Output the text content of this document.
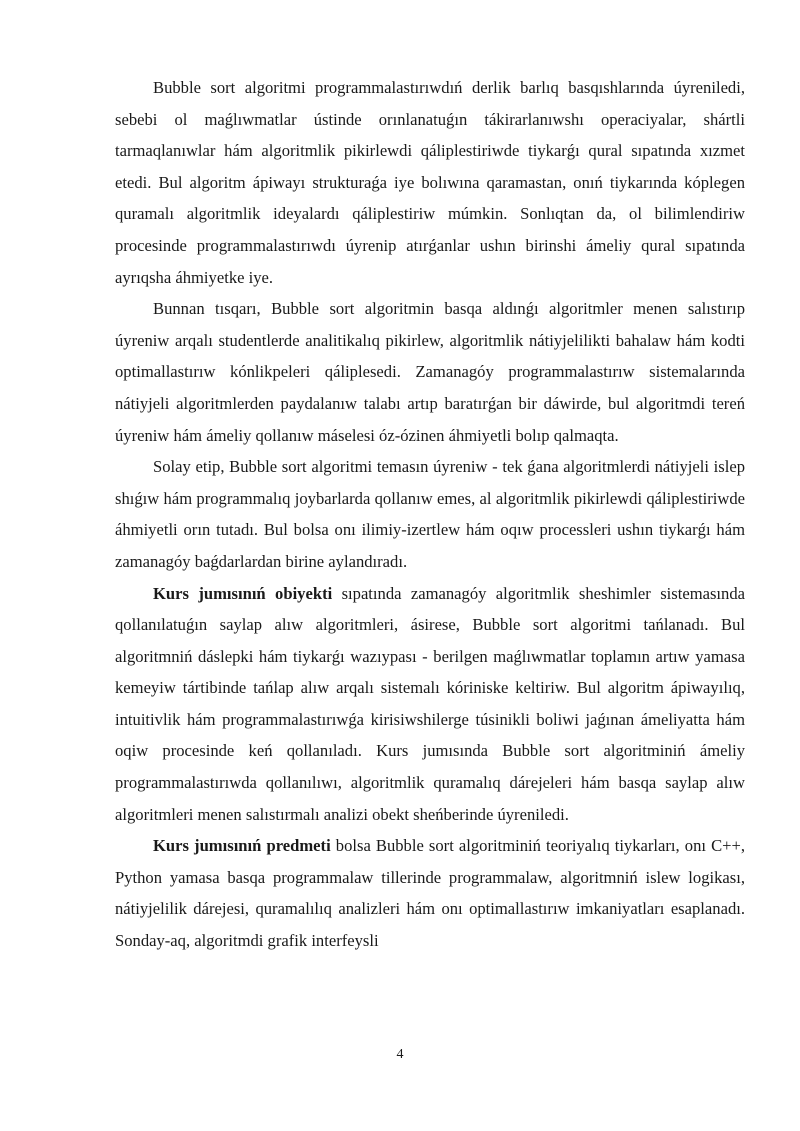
Bubble sort algoritmi programmalastırıwdıń derlik barlıq basqıshlarında úyreniledi, sebebi ol maǵlıwmatlar ústinde orınlanatuǵın tákirarlanıwshı operaciyalar, shártli tarmaqlanıwlar hám algoritmlik pikirlewdi qáliplestiriwde tiykarǵı qural sıpatında xızmet etedi. Bul algoritm ápiwayı strukturaǵa iye bolıwına qaramastan, onıń tiykarında kóplegen quramalı algoritmlik ideyalardı qáliplestiriw múmkin. Sonlıqtan da, ol bilimlendiriw procesinde programmalastırıwdı úyrenip atırǵanlar ushın birinshi ámeliy qural sıpatında ayrıqsha áhmiyetke iye.

Bunnan tısqarı, Bubble sort algoritmin basqa aldınǵı algoritmler menen salıstırıp úyreniw arqalı studentlerde analitikalıq pikirlew, algoritmlik nátiyjelilikti bahalaw hám kodti optimallastırıw kónlikpeleri qáliplesedi. Zamanagóy programmalastırıw sistemalarında nátiyjeli algoritmlerden paydalanıw talabı artıp baratırǵan bir dáwirde, bul algoritmdi tereń úyreniw hám ámeliy qollanıw máselesi óz-ózinen áhmiyetli bolıp qalmaqta.

Solay etip, Bubble sort algoritmi temasın úyreniw - tek ǵana algoritmlerdi nátiyjeli islep shıǵıw hám programmalıq joybarlarda qollanıw emes, al algoritmlik pikirlewdi qáliplestiriwde áhmiyetli orın tutadı. Bul bolsa onı ilimiy-izertlew hám oqıw processleri ushın tiykarǵı hám zamanagóy baǵdarlardan birine aylandıradı.

Kurs jumısınıń obiyekti sıpatında zamanagóy algoritmlik sheshimler sistemasında qollanılatuǵın saylap alıw algoritmleri, ásirese, Bubble sort algoritmi tańlanadı. Bul algoritmniń dáslepki hám tiykarǵı wazıypası - berilgen maǵlıwmatlar toplamın artıw yamasa kemeyiw tártibinde tańlap alıw arqalı sistemalı kóriniske keltiriw. Bul algoritm ápiwayılıq, intuitivlik hám programmalastırıwǵa kirisiwshilerge túsinikli boliwi jaǵınan ámeliyatta hám oqiw procesinde keń qollanıladı. Kurs jumısında Bubble sort algoritminiń ámeliy programmalastırıwda qollanılıwı, algoritmlik quramalıq dárejeleri hám basqa saylap alıw algoritmleri menen salıstırmalı analizi obekt sheńberinde úyreniledi.

Kurs jumısınıń predmeti bolsa Bubble sort algoritminiń teoriyalıq tiykarları, onı C++, Python yamasa basqa programmalaw tillerinde programmalaw, algoritmniń islew logikası, nátiyjelilik dárejesi, quramalılıq analizleri hám onı optimallastırıw imkaniyatları esaplanadı. Sonday-aq, algoritmdi grafik interfeysli

4
